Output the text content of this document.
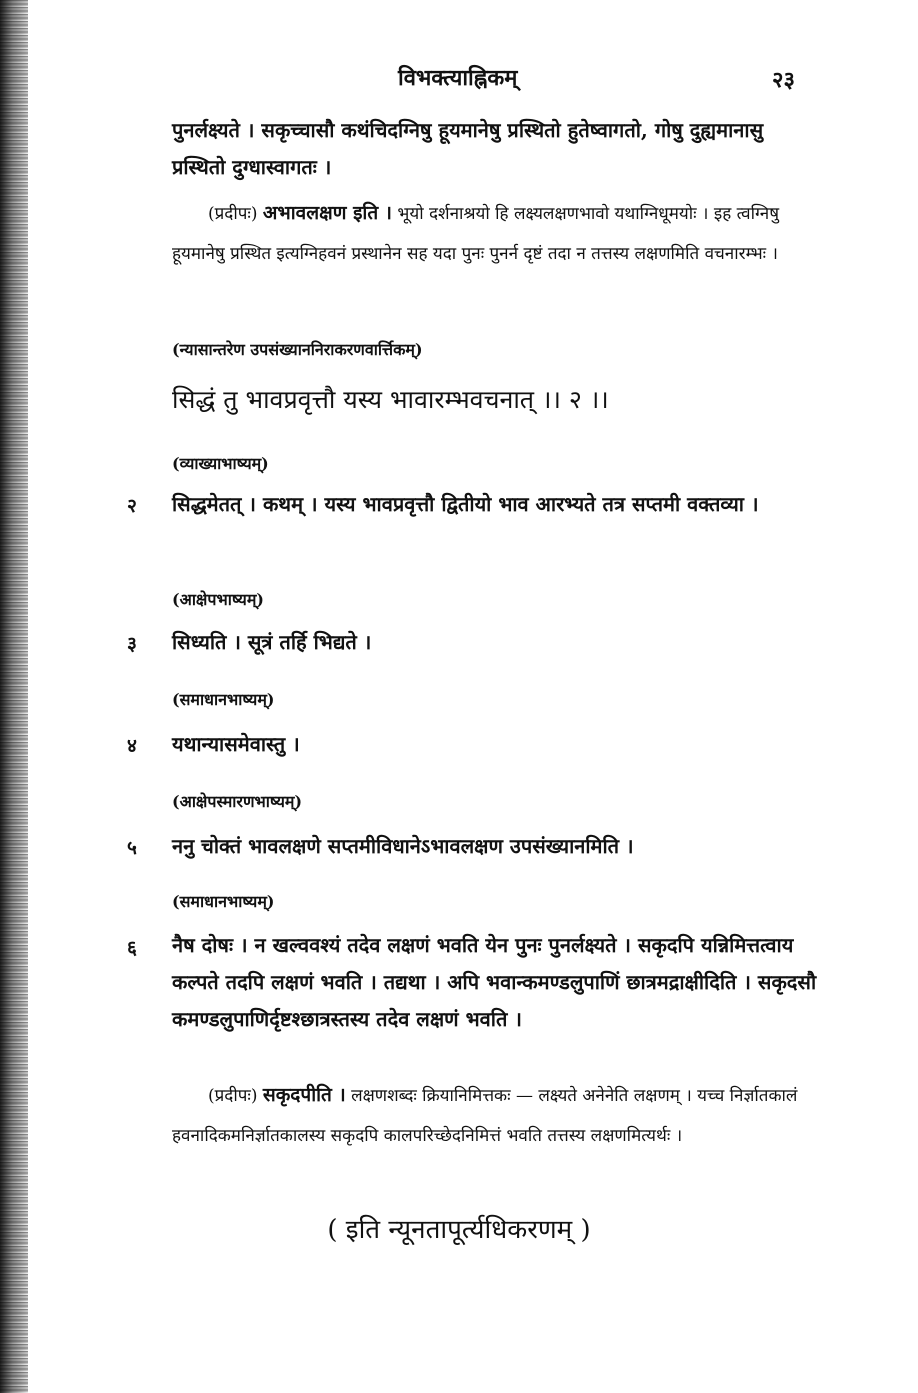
विभक्त्याह्निकम्	२३

पुनर्लक्ष्यते । सकृच्चासौ कथंचिदग्निषु हूयमानेषु प्रस्थितो हुतेष्वागतो, गोषु दुह्यमानासु प्रस्थितो दुग्धास्वागतः ।

(प्रदीपः) अभावलक्षण इति । भूयो दर्शनाश्रयो हि लक्ष्यलक्षणभावो यथाग्निधूमयोः । इह त्वग्निषु हूयमानेषु प्रस्थित इत्यग्निहवनं प्रस्थानेन सह यदा पुनः पुनर्न दृष्टं तदा न तत्तस्य लक्षणमिति वचनारम्भः ।

(न्यासान्तरेण उपसंख्याननिराकरणवार्त्तिकम्)
सिद्धं तु भावप्रवृत्तौ यस्य भावारम्भवचनात् ।। २ ।।
(व्याख्याभाष्यम्)
२ सिद्धमेतत् । कथम् । यस्य भावप्रवृत्तौ द्वितीयो भाव आरभ्यते तत्र सप्तमी वक्तव्या ।

(आक्षेपभाष्यम्)
३ सिध्यति । सूत्रं तर्हि भिद्यते ।

(समाधानभाष्यम्)
४ यथान्यासमेवास्तु ।

(आक्षेपस्मारणभाष्यम्)
५ ननु चोक्तं भावलक्षणे सप्तमीविधानेऽभावलक्षण उपसंख्यानमिति ।

(समाधानभाष्यम्)
६ नैष दोषः । न खल्ववश्यं तदेव लक्षणं भवति येन पुनः पुनर्लक्ष्यते । सकृदपि यन्निमित्तत्वाय कल्पते तदपि लक्षणं भवति । तद्यथा । अपि भवान्कमण्डलुपाणिं छात्रमद्राक्षीदिति । सकृदसौ कमण्डलुपाणिर्दृष्टश्छात्रस्तस्य तदेव लक्षणं भवति ।

(प्रदीपः) सकृदपीति । लक्षणशब्दः क्रियानिमित्तकः — लक्ष्यते अनेनेति लक्षणम् । यच्च निर्ज्ञातकालं हवनादिकमनिर्ज्ञातकालस्य सकृदपि कालपरिच्छेदनिमित्तं भवति तत्तस्य लक्षणमित्यर्थः ।

( इति न्यूनतापूर्त्यधिकरणम् )
